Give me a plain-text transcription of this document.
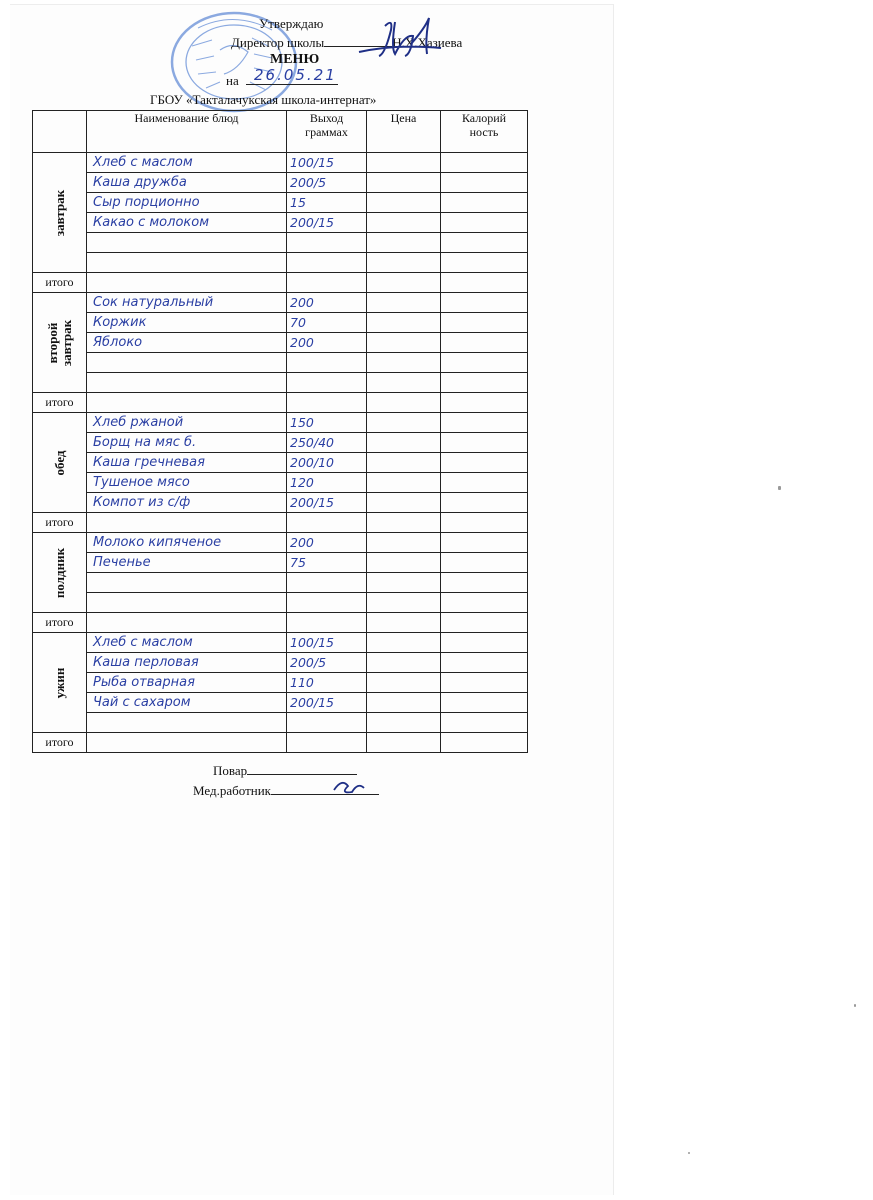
Утверждаю
Директор школы	Н.Х.Хазиева
МЕНЮ
на 26.05.21
ГБОУ «Такталачукская школа-интернат»
	Наименование блюд	Выход граммах	Цена	Калорий ность

завтрак	Хлеб с маслом	100/15		

	Каша дружба	200/5		

	Сыр порционно	15		

	Какао с молоком	200/15		

итого				

второй завтрак	Сок натуральный	200		

	Коржик	70		

	Яблоко	200		

итого				

обед	Хлеб ржаной	150		

	Борщ на мяс б.	250/40		

	Каша гречневая	200/10		

	Тушеное мясо	120		

	Компот из с/ф	200/15		

итого				

полдник	Молоко кипяченое	200		

	Печенье	75		

итого				

ужин	Хлеб с маслом	100/15		

	Каша перловая	200/5		

	Рыба отварная	110		

	Чай с сахаром	200/15		

итого				
Повар
Мед.работник
